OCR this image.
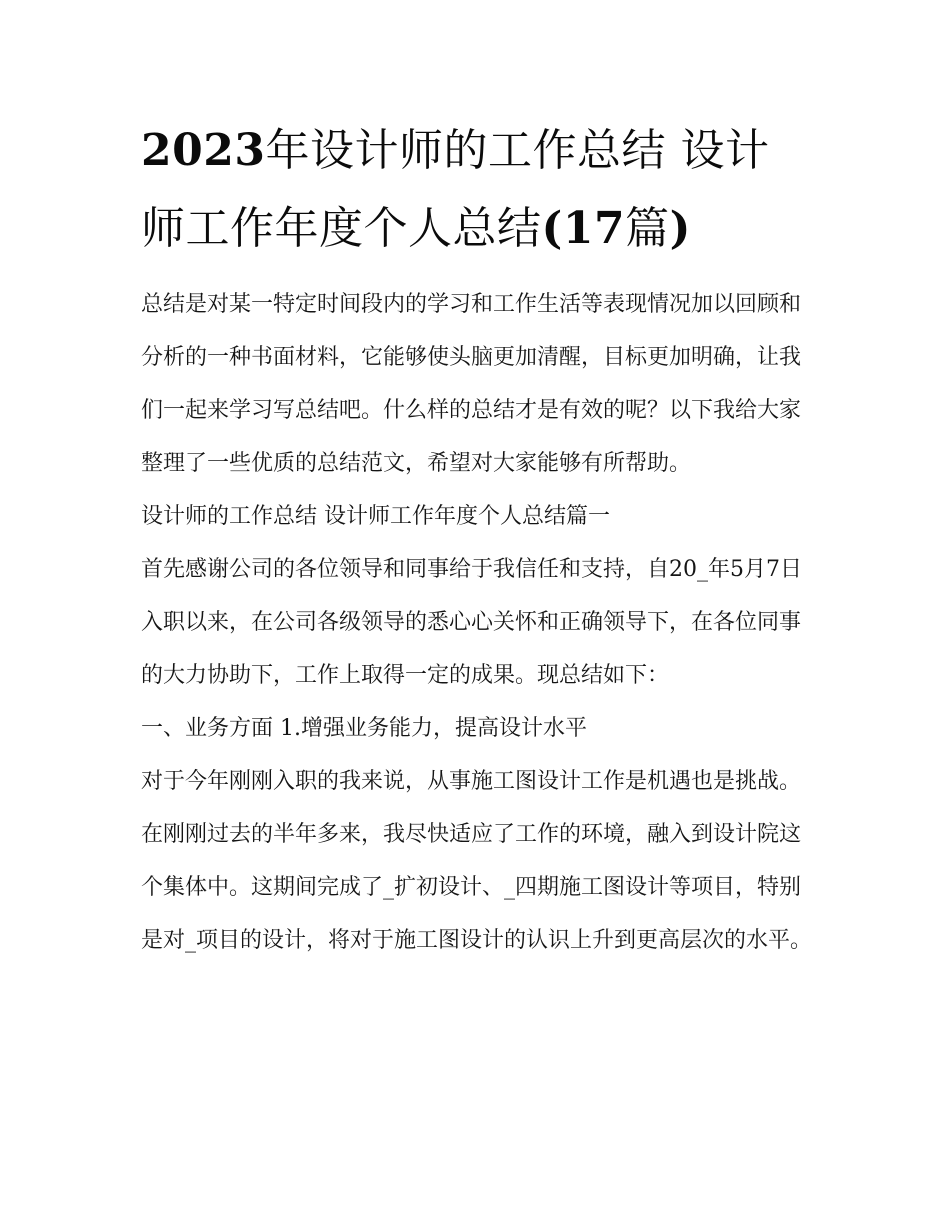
2023年设计师的工作总结 设计师工作年度个人总结(17篇)

总结是对某一特定时间段内的学习和工作生活等表现情况加以回顾和分析的一种书面材料，它能够使头脑更加清醒，目标更加明确，让我们一起来学习写总结吧。什么样的总结才是有效的呢？以下我给大家整理了一些优质的总结范文，希望对大家能够有所帮助。

设计师的工作总结 设计师工作年度个人总结篇一

首先感谢公司的各位领导和同事给于我信任和支持，自20_年5月7日入职以来，在公司各级领导的悉心心关怀和正确领导下，在各位同事的大力协助下，工作上取得一定的成果。现总结如下：

一、业务方面 1.增强业务能力，提高设计水平

对于今年刚刚入职的我来说，从事施工图设计工作是机遇也是挑战。在刚刚过去的半年多来，我尽快适应了工作的环境，融入到设计院这个集体中。这期间完成了_扩初设计、_四期施工图设计等项目，特别是对_项目的设计，将对于施工图设计的认识上升到更高层次的水平。
